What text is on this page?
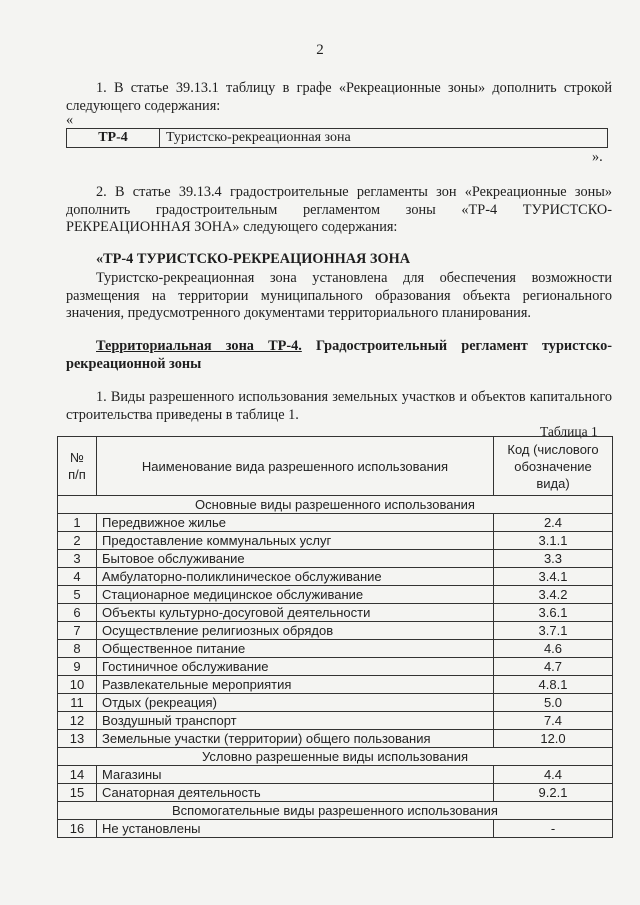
2

1. В статье 39.13.1 таблицу в графе «Рекреационные зоны» дополнить строкой следующего содержания:

«
ТР-4	Туристско-рекреационная зона
».

2. В статье 39.13.4 градостроительные регламенты зон «Рекреационные зоны» дополнить градостроительным регламентом зоны «ТР-4 ТУРИСТСКО-РЕКРЕАЦИОННАЯ ЗОНА» следующего содержания:

«ТР-4 ТУРИСТСКО-РЕКРЕАЦИОННАЯ ЗОНА

Туристско-рекреационная зона установлена для обеспечения возможности размещения на территории муниципального образования объекта регионального значения, предусмотренного документами территориального планирования.

Территориальная зона ТР-4. Градостроительный регламент туристско-рекреационной зоны

1. Виды разрешенного использования земельных участков и объектов капитального строительства приведены в таблице 1.

Таблица 1
№ п/п	Наименование вида разрешенного использования	Код (числового обозначение вида)
Основные виды разрешенного использования		
1	Передвижное жилье	2.4
2	Предоставление коммунальных услуг	3.1.1
3	Бытовое обслуживание	3.3
4	Амбулаторно-поликлиническое обслуживание	3.4.1
5	Стационарное медицинское обслуживание	3.4.2
6	Объекты культурно-досуговой деятельности	3.6.1
7	Осуществление религиозных обрядов	3.7.1
8	Общественное питание	4.6
9	Гостиничное обслуживание	4.7
10	Развлекательные мероприятия	4.8.1
11	Отдых (рекреация)	5.0
12	Воздушный транспорт	7.4
13	Земельные участки (территории) общего пользования	12.0
Условно разрешенные виды использования		
14	Магазины	4.4
15	Санаторная деятельность	9.2.1
Вспомогательные виды разрешенного использования		
16	Не установлены	-
